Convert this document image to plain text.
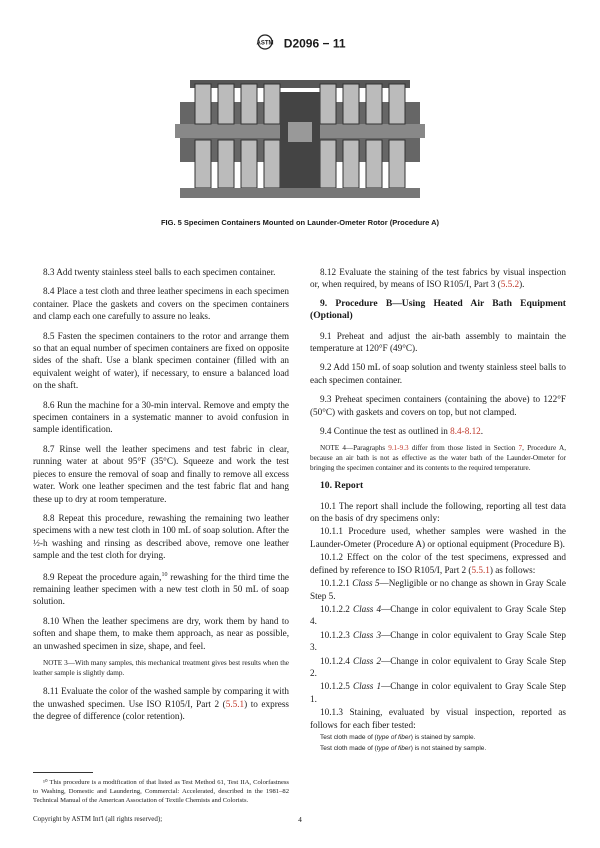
ASTM D2096 − 11
FIG. 5 Specimen Containers Mounted on Launder-Ometer Rotor (Procedure A)

8.3 Add twenty stainless steel balls to each specimen container.

8.4 Place a test cloth and three leather specimens in each specimen container. Place the gaskets and covers on the specimen containers and clamp each one carefully to assure no leaks.

8.5 Fasten the specimen containers to the rotor and arrange them so that an equal number of specimen containers are fixed on opposite sides of the shaft. Use a blank specimen container (filled with an equivalent weight of water), if necessary, to ensure a balanced load on the shaft.

8.6 Run the machine for a 30-min interval. Remove and empty the specimen containers in a systematic manner to avoid confusion in sample identification.

8.7 Rinse well the leather specimens and test fabric in clear, running water at about 95°F (35°C). Squeeze and work the test pieces to ensure the removal of soap and finally to remove all excess water. Work one leather specimen and the test fabric flat and hang these up to dry at room temperature.

8.8 Repeat this procedure, rewashing the remaining two leather specimens with a new test cloth in 100 mL of soap solution. After the ½-h washing and rinsing as described above, remove one leather sample and the test cloth for drying.

8.9 Repeat the procedure again,$^{10}$ rewashing for the third time the remaining leather specimen with a new test cloth in 50 mL of soap solution.

8.10 When the leather specimens are dry, work them by hand to soften and shape them, to make them approach, as near as possible, an unwashed specimen in size, shape, and feel.

NOTE 3—With many samples, this mechanical treatment gives best results when the leather sample is slightly damp.

8.11 Evaluate the color of the washed sample by comparing it with the unwashed specimen. Use ISO R105/I, Part 2 (5.5.1) to express the degree of difference (color retention).

¹⁰ This procedure is a modification of that listed as Test Method 61, Test IIA, Colorfastness to Washing, Domestic and Laundering, Commercial: Accelerated, described in the 1981–82 Technical Manual of the American Association of Textile Chemists and Colorists.

8.12 Evaluate the staining of the test fabrics by visual inspection or, when required, by means of ISO R105/I, Part 3 (5.5.2).

9. Procedure B—Using Heated Air Bath Equipment (Optional)

9.1 Preheat and adjust the air-bath assembly to maintain the temperature at 120°F (49°C).

9.2 Add 150 mL of soap solution and twenty stainless steel balls to each specimen container.

9.3 Preheat specimen containers (containing the above) to 122°F (50°C) with gaskets and covers on top, but not clamped.

9.4 Continue the test as outlined in 8.4-8.12.

NOTE 4—Paragraphs 9.1-9.3 differ from those listed in Section 7, Procedure A, because an air bath is not as effective as the water bath of the Launder-Ometer for bringing the specimen container and its contents to the required temperature.

10. Report

10.1 The report shall include the following, reporting all test data on the basis of dry specimens only:

10.1.1 Procedure used, whether samples were washed in the Launder-Ometer (Procedure A) or optional equipment (Procedure B).

10.1.2 Effect on the color of the test specimens, expressed and defined by reference to ISO R105/I, Part 2 (5.5.1) as follows:

10.1.2.1 Class 5—Negligible or no change as shown in Gray Scale Step 5.

10.1.2.2 Class 4—Change in color equivalent to Gray Scale Step 4.

10.1.2.3 Class 3—Change in color equivalent to Gray Scale Step 3.

10.1.2.4 Class 2—Change in color equivalent to Gray Scale Step 2.

10.1.2.5 Class 1—Change in color equivalent to Gray Scale Step 1.

10.1.3 Staining, evaluated by visual inspection, reported as follows for each fiber tested:

Test cloth made of (type of fiber) is stained by sample.
Test cloth made of (type of fiber) is not stained by sample.
Copyright by ASTM Int'l (all rights reserved);	4
